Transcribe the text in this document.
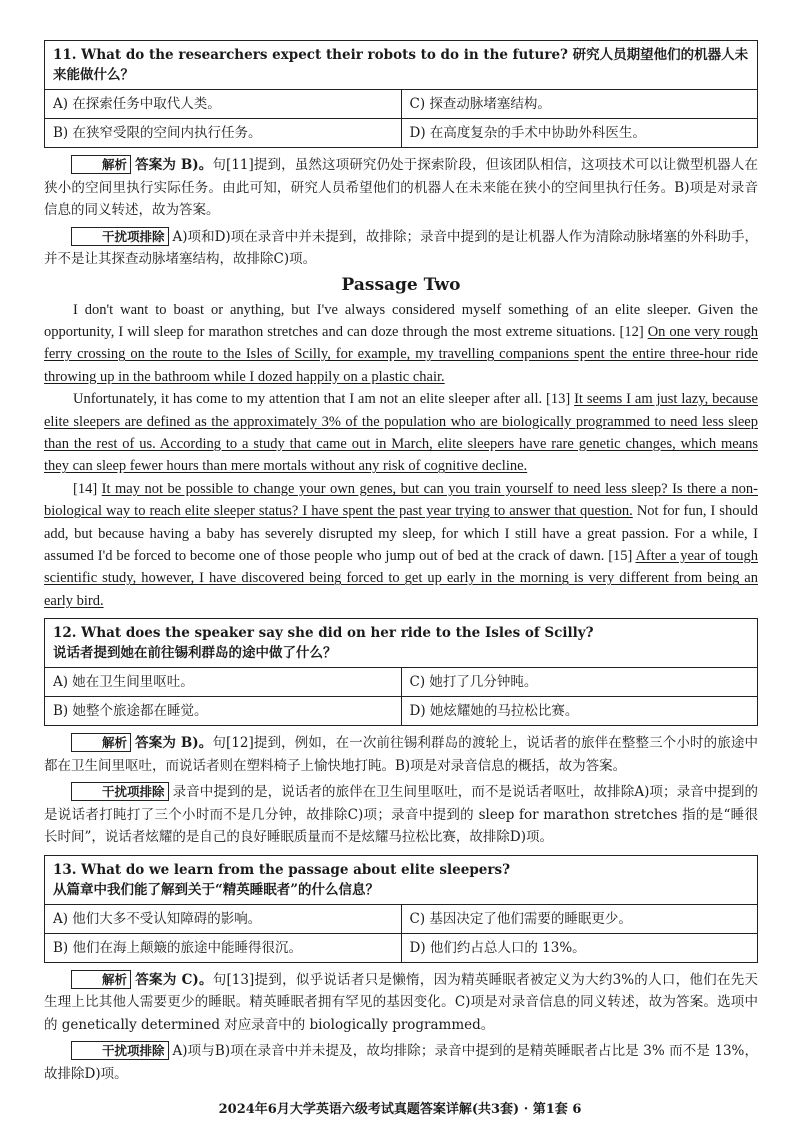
11. What do the researchers expect their robots to do in the future? 研究人员期望他们的机器人未来能做什么？	
A) 在探索任务中取代人类。	C) 探查动脉堵塞结构。
B) 在狭窄受限的空间内执行任务。	D) 在高度复杂的手术中协助外科医生。

解析 答案为 B)。句[11]提到，虽然这项研究仍处于探索阶段，但该团队相信，这项技术可以让微型机器人在狭小的空间里执行实际任务。由此可知，研究人员希望他们的机器人在未来能在狭小的空间里执行任务。B)项是对录音信息的同义转述，故为答案。

干扰项排除 A)项和D)项在录音中并未提到，故排除；录音中提到的是让机器人作为清除动脉堵塞的外科助手，并不是让其探查动脉堵塞结构，故排除C)项。

Passage Two

I don't want to boast or anything, but I've always considered myself something of an elite sleeper. Given the opportunity, I will sleep for marathon stretches and can doze through the most extreme situations. [12] On one very rough ferry crossing on the route to the Isles of Scilly, for example, my travelling companions spent the entire three-hour ride throwing up in the bathroom while I dozed happily on a plastic chair.

Unfortunately, it has come to my attention that I am not an elite sleeper after all. [13] It seems I am just lazy, because elite sleepers are defined as the approximately 3% of the population who are biologically programmed to need less sleep than the rest of us. According to a study that came out in March, elite sleepers have rare genetic changes, which means they can sleep fewer hours than mere mortals without any risk of cognitive decline.

[14] It may not be possible to change your own genes, but can you train yourself to need less sleep? Is there a non-biological way to reach elite sleeper status? I have spent the past year trying to answer that question. Not for fun, I should add, but because having a baby has severely disrupted my sleep, for which I still have a great passion. For a while, I assumed I'd be forced to become one of those people who jump out of bed at the crack of dawn. [15] After a year of tough scientific study, however, I have discovered being forced to get up early in the morning is very different from being an early bird.

12. What does the speaker say she did on her ride to the Isles of Scilly?
说话者提到她在前往锡利群岛的途中做了什么？	

A) 她在卫生间里呕吐。	C) 她打了几分钟盹。
B) 她整个旅途都在睡觉。	D) 她炫耀她的马拉松比赛。

解析 答案为 B)。句[12]提到，例如，在一次前往锡利群岛的渡轮上，说话者的旅伴在整整三个小时的旅途中都在卫生间里呕吐，而说话者则在塑料椅子上愉快地打盹。B)项是对录音信息的概括，故为答案。

干扰项排除 录音中提到的是，说话者的旅伴在卫生间里呕吐，而不是说话者呕吐，故排除A)项；录音中提到的是说话者打盹打了三个小时而不是几分钟，故排除C)项；录音中提到的 sleep for marathon stretches 指的是“睡很长时间”，说话者炫耀的是自己的良好睡眠质量而不是炫耀马拉松比赛，故排除D)项。

13. What do we learn from the passage about elite sleepers?
从篇章中我们能了解到关于“精英睡眠者”的什么信息？	

A) 他们大多不受认知障碍的影响。	C) 基因决定了他们需要的睡眠更少。
B) 他们在海上颠簸的旅途中能睡得很沉。	D) 他们约占总人口的 13%。

解析 答案为 C)。句[13]提到，似乎说话者只是懒惰，因为精英睡眠者被定义为大约3%的人口，他们在先天生理上比其他人需要更少的睡眠。精英睡眠者拥有罕见的基因变化。C)项是对录音信息的同义转述，故为答案。选项中的 genetically determined 对应录音中的 biologically programmed。

干扰项排除 A)项与B)项在录音中并未提及，故均排除；录音中提到的是精英睡眠者占比是 3% 而不是 13%，故排除D)项。

2024年6月大学英语六级考试真题答案详解(共3套) · 第1套 6
